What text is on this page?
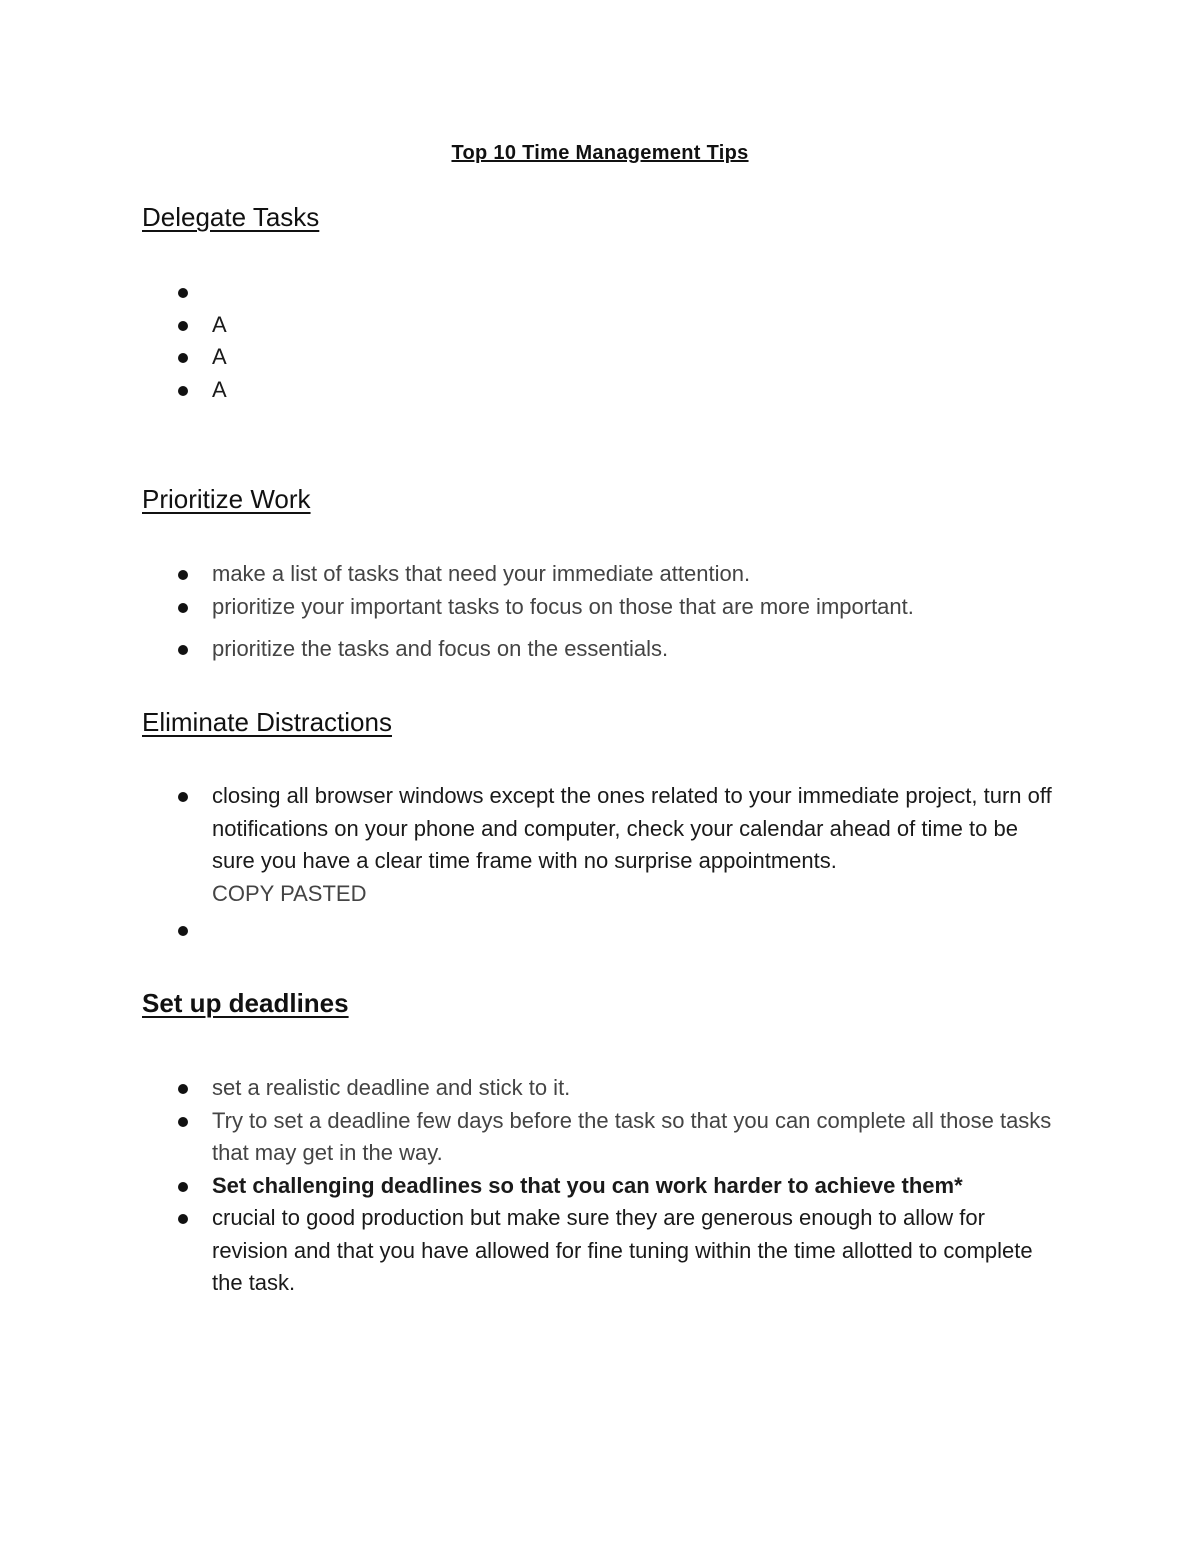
Top 10 Time Management Tips
Delegate Tasks
A
A
A
Prioritize Work
make a list of tasks that need your immediate attention.
prioritize your important tasks to focus on those that are more important.
prioritize the tasks and focus on the essentials.
Eliminate Distractions
closing all browser windows except the ones related to your immediate project, turn off notifications on your phone and computer, check your calendar ahead of time to be sure you have a clear time frame with no surprise appointments.
COPY PASTED
Set up deadlines
set a realistic deadline and stick to it.
Try to set a deadline few days before the task so that you can complete all those tasks that may get in the way.
Set challenging deadlines so that you can work harder to achieve them*
crucial to good production but make sure they are generous enough to allow for revision and that you have allowed for fine tuning within the time allotted to complete the task.
